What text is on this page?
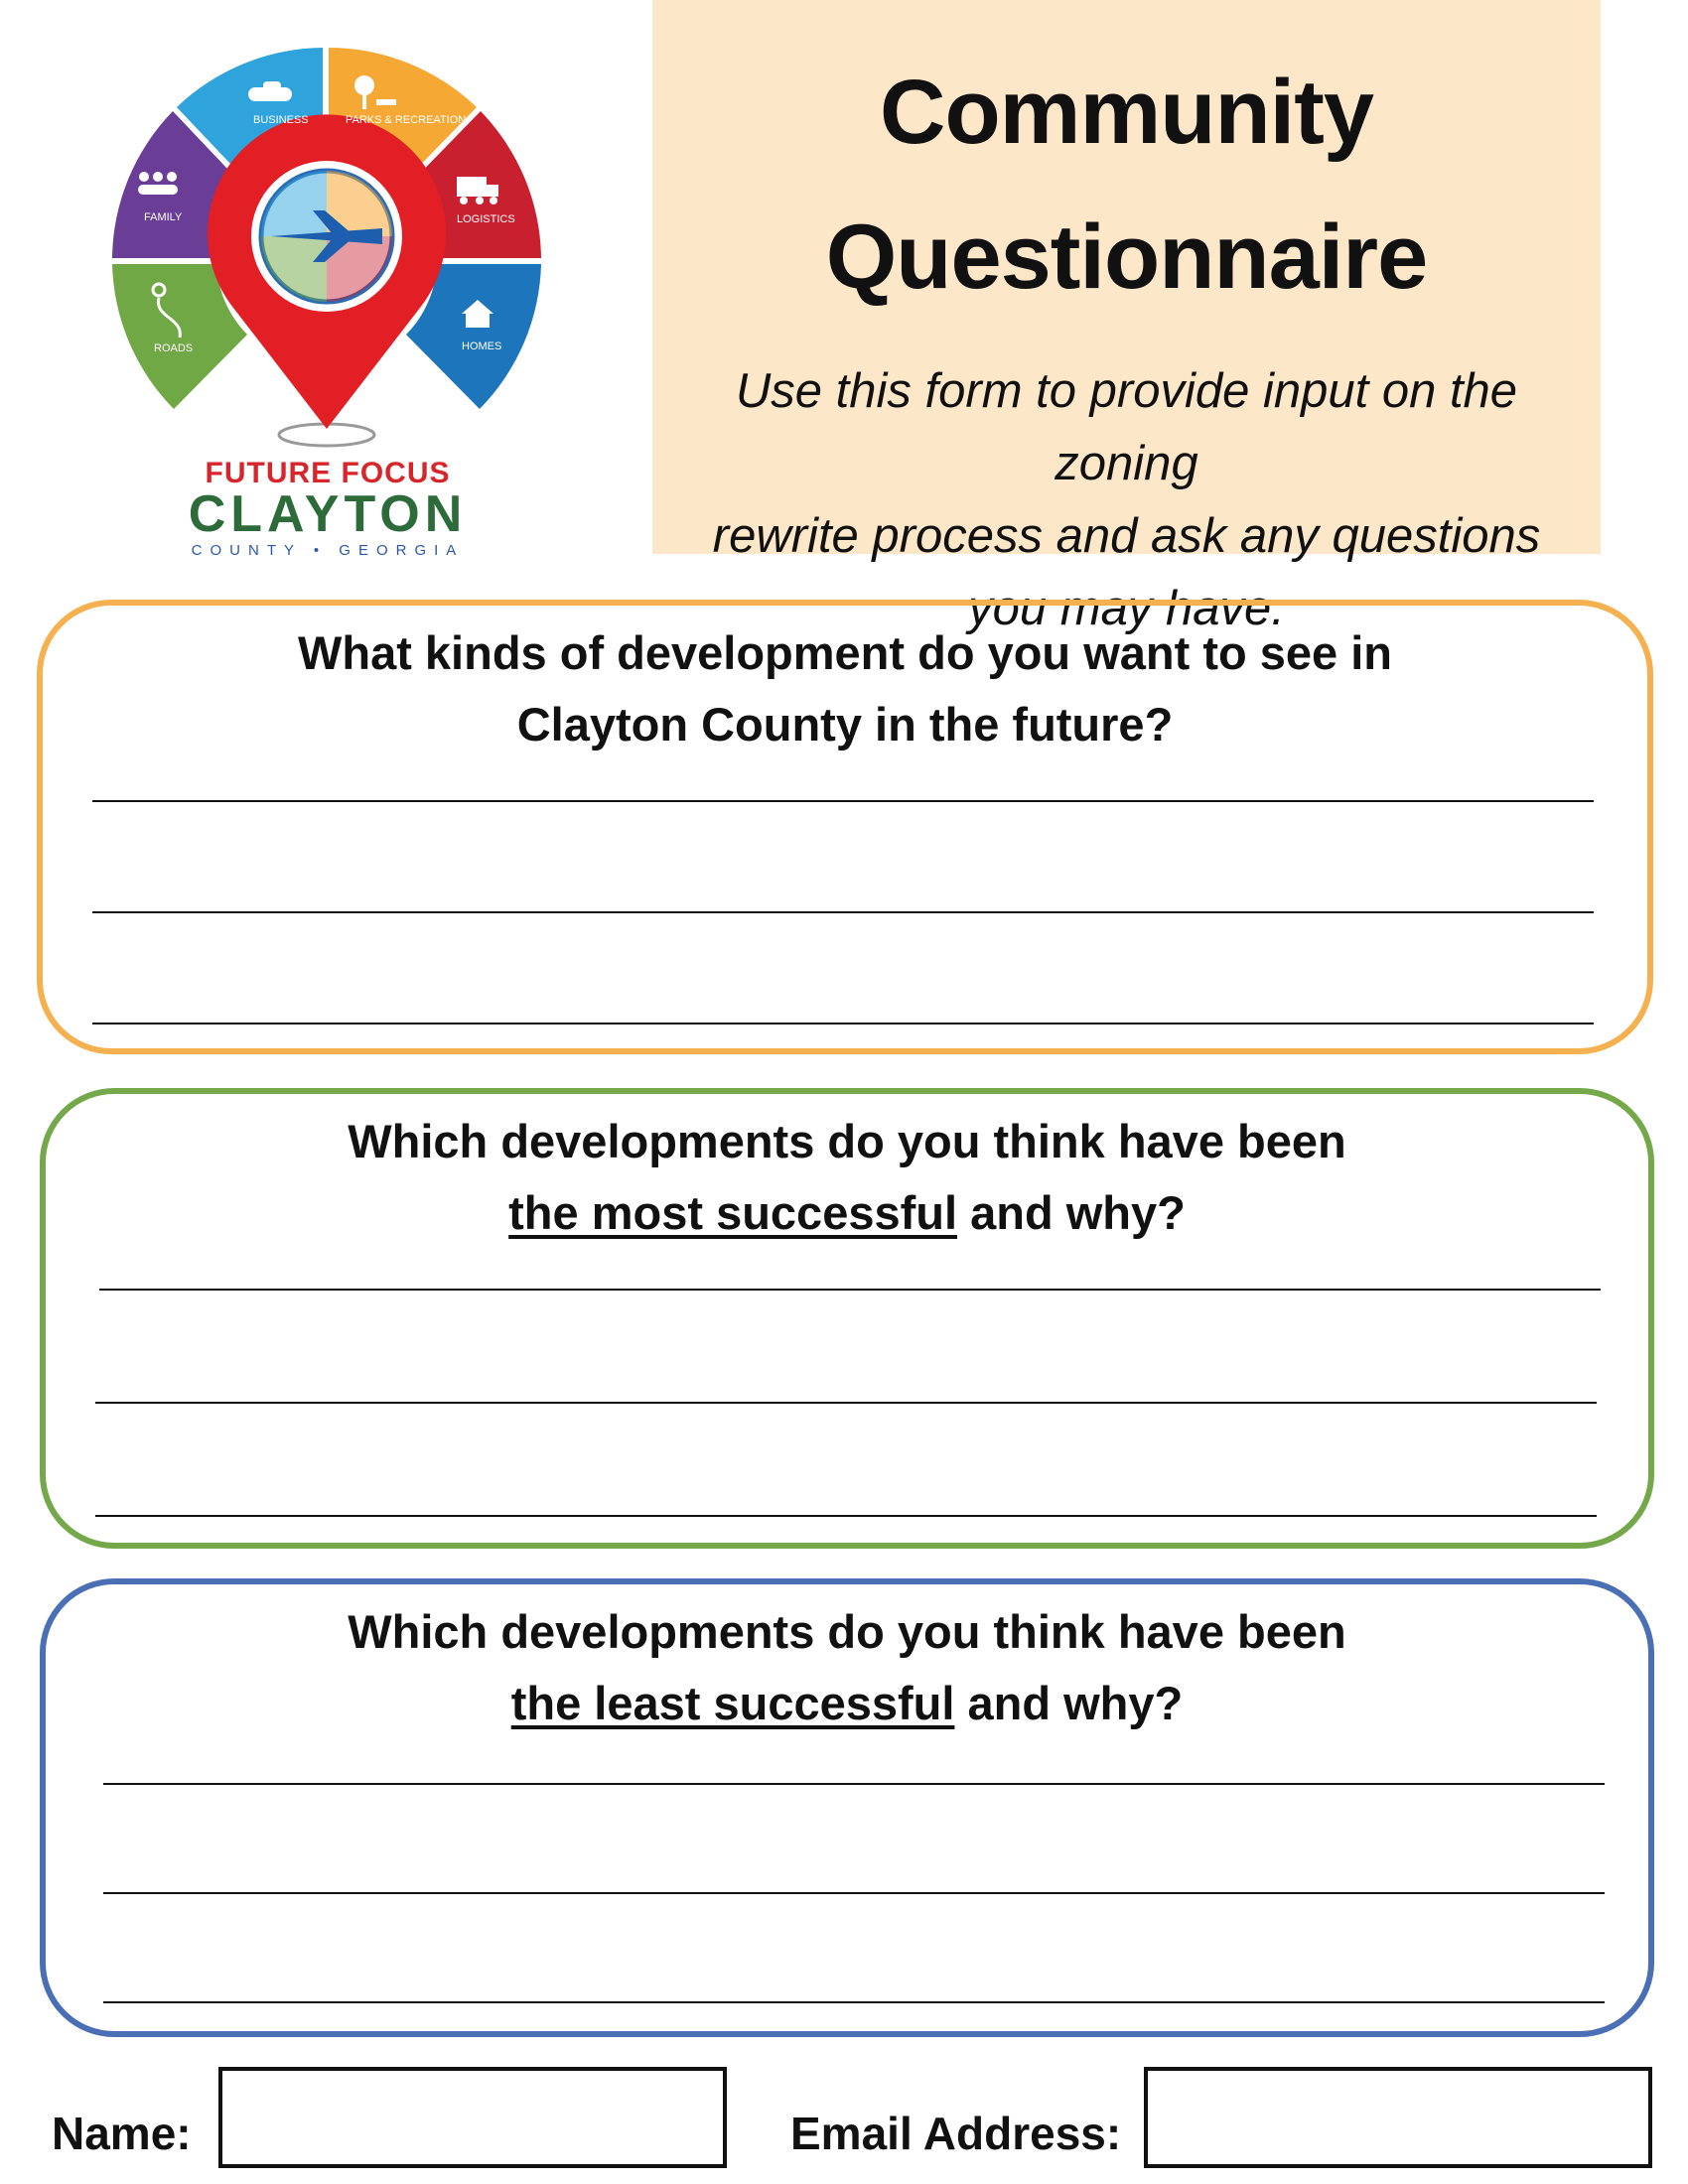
BUSINESS	PARKS & RECREATION
LOGISTICS
HOMES
ROADS
FAMILY
FUTURE FOCUS
CLAYTON
COUNTY • GEORGIA
Community
Questionnaire
Use this form to provide input on the zoning
rewrite process and ask any questions
you may have.
What kinds of development do you want to see in
Clayton County in the future?
Which developments do you think have been
the most successful and why?
Which developments do you think have been
the least successful and why?
Name:	Email Address:
